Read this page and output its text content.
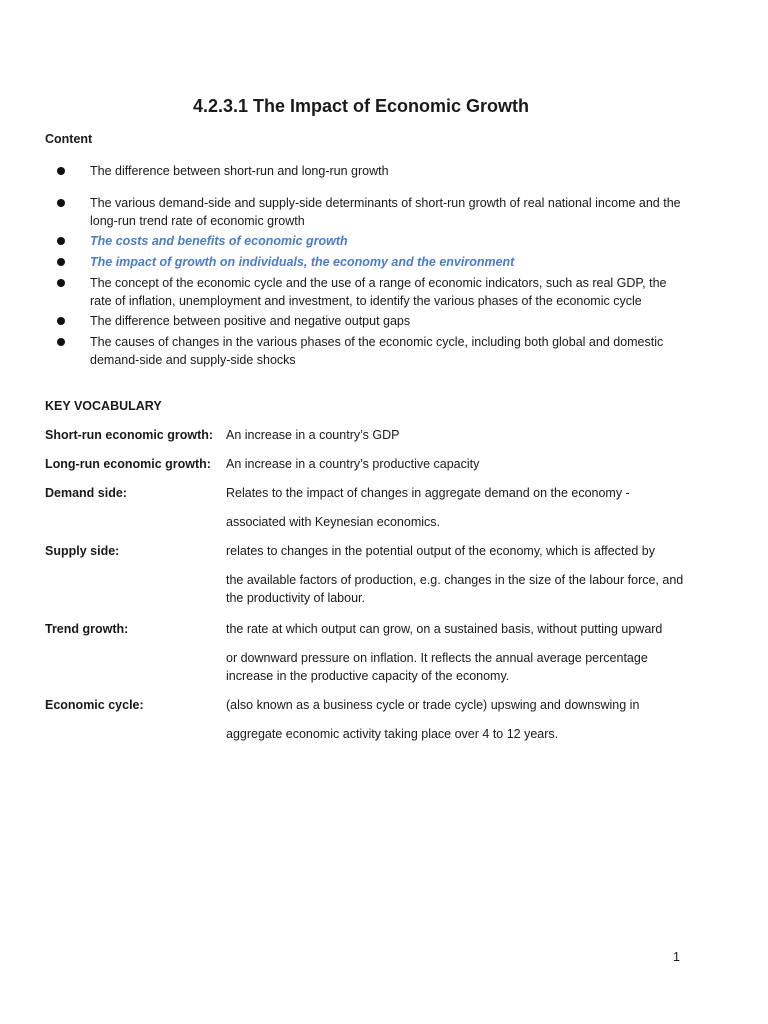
4.2.3.1 The Impact of Economic Growth
Content
The difference between short-run and long-run growth
The various demand-side and supply-side determinants of short-run growth of real national income and the long-run trend rate of economic growth
The costs and benefits of economic growth
The impact of growth on individuals, the economy and the environment
The concept of the economic cycle and the use of a range of economic indicators, such as real GDP, the rate of inflation, unemployment and investment, to identify the various phases of the economic cycle
The difference between positive and negative output gaps
The causes of changes in the various phases of the economic cycle, including both global and domestic demand-side and supply-side shocks
KEY VOCABULARY
Short-run economic growth:	An increase in a country’s GDP
Long-run economic growth:	An increase in a country’s productive capacity
Demand side:	Relates to the impact of changes in aggregate demand on the economy -
associated with Keynesian economics.
Supply side:	relates to changes in the potential output of the economy, which is affected by
the available factors of production, e.g. changes in the size of the labour force, and the productivity of labour.
Trend growth:	the rate at which output can grow, on a sustained basis, without putting upward
or downward pressure on inflation. It reflects the annual average percentage increase in the productive capacity of the economy.
Economic cycle:	(also known as a business cycle or trade cycle) upswing and downswing in
aggregate economic activity taking place over 4 to 12 years.
1
